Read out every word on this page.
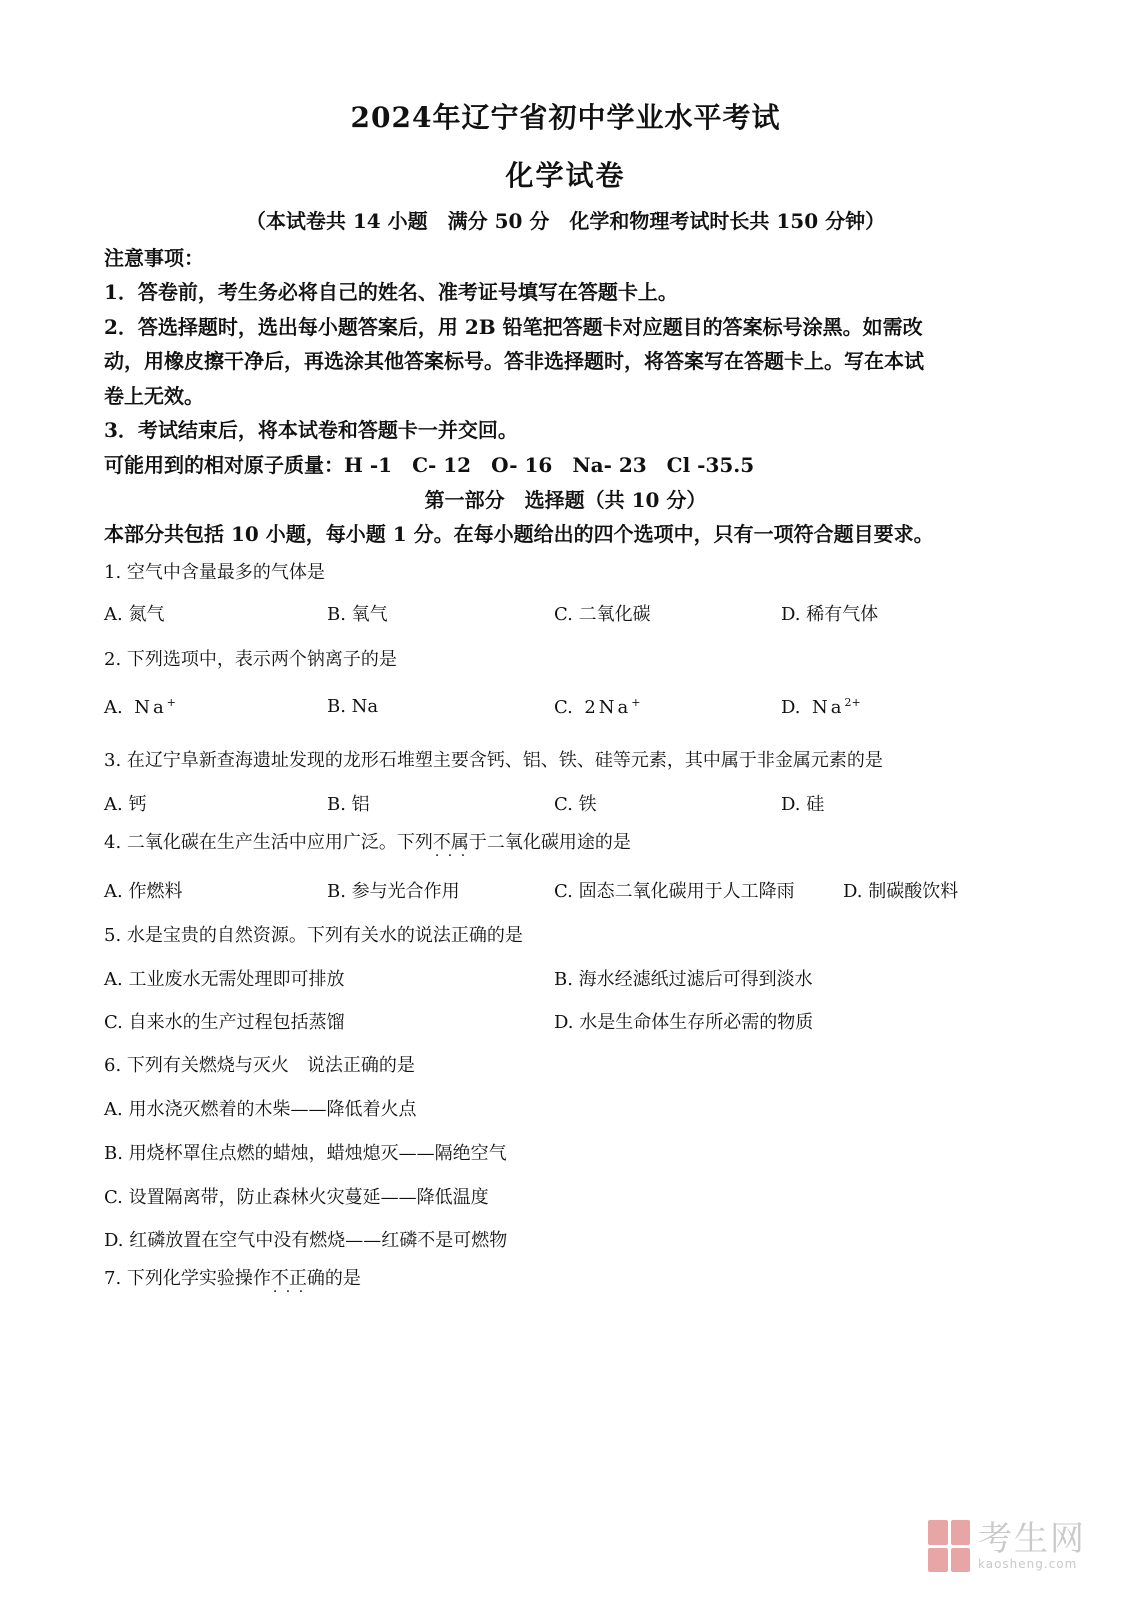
2024年辽宁省初中学业水平考试
化学试卷
（本试卷共 14 小题　满分 50 分　化学和物理考试时长共 150 分钟）
注意事项：
1．答卷前，考生务必将自己的姓名、准考证号填写在答题卡上。
2．答选择题时，选出每小题答案后，用 2B 铅笔把答题卡对应题目的答案标号涂黑。如需改
动，用橡皮擦干净后，再选涂其他答案标号。答非选择题时，将答案写在答题卡上。写在本试
卷上无效。
3．考试结束后，将本试卷和答题卡一并交回。
可能用到的相对原子质量：H -1　C- 12　O- 16　Na- 23　Cl -35.5
第一部分　选择题（共 10 分）
本部分共包括 10 小题，每小题 1 分。在每小题给出的四个选项中，只有一项符合题目要求。
1. 空气中含量最多的气体是
A. 氮气	B. 氧气	C. 二氧化碳	D. 稀有气体
2. 下列选项中，表示两个钠离子的是
A. Na+	B. Na	C. 2Na+	D. $Na^{2+}$
3. 在辽宁阜新查海遗址发现的龙形石堆塑主要含钙、铝、铁、硅等元素，其中属于非金属元素的是
A. 钙	B. 铝	C. 铁	D. 硅
4. 二氧化碳在生产生活中应用广泛。下列不属于 · · ·二氧化碳用途的是
A. 作燃料	B. 参与光合作用	C. 固态二氧化碳用于人工降雨	D. 制碳酸饮料
5. 水是宝贵的自然资源。下列有关水的说法正确的是
A. 工业废水无需处理即可排放	B. 海水经滤纸过滤后可得到淡水
C. 自来水的生产过程包括蒸馏	D. 水是生命体生存所必需的物质
6. 下列有关燃烧与灭火　说法正确的是
A. 用水浇灭燃着的木柴——降低着火点
B. 用烧杯罩住点燃的蜡烛，蜡烛熄灭——隔绝空气
C. 设置隔离带，防止森林火灾蔓延——降低温度
D. 红磷放置在空气中没有燃烧——红磷不是可燃物
7. 下列化学实验操作不正确 · · ·的是
考生网
kaosheng.com
